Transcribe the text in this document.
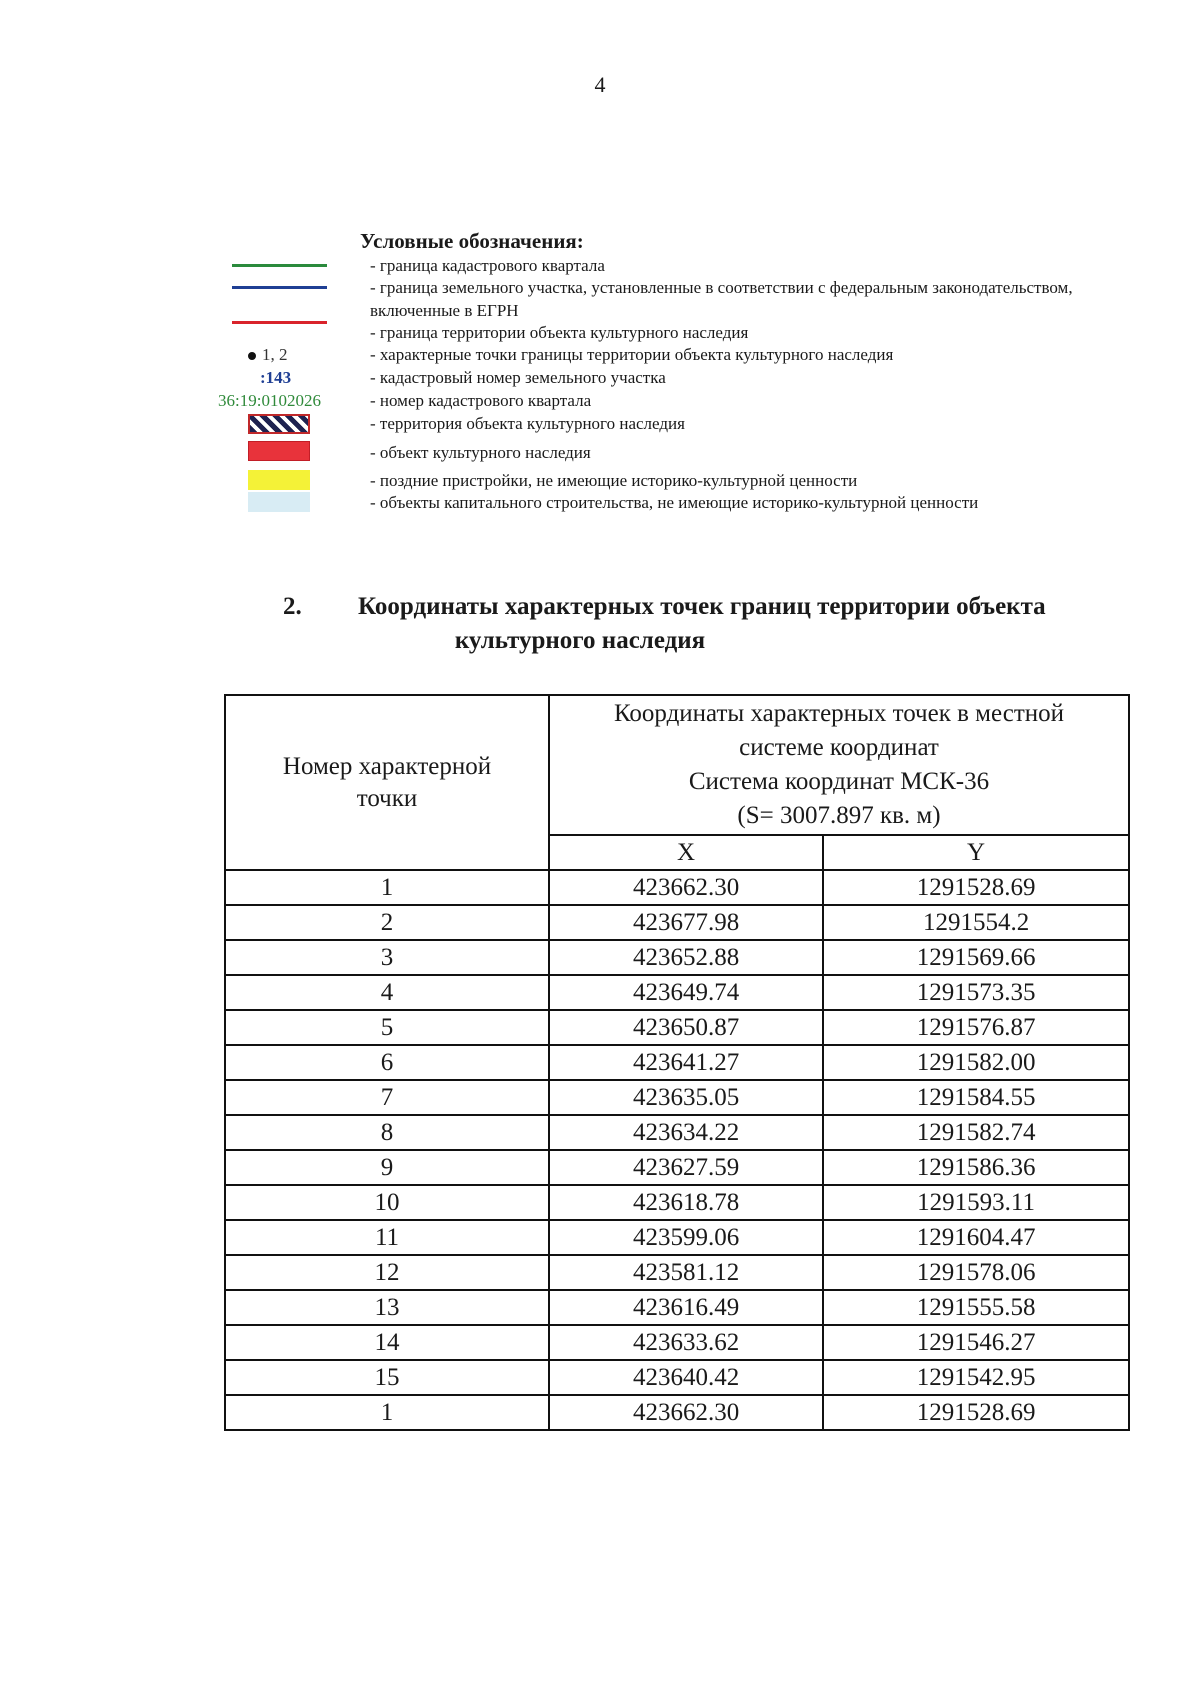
4
Условные обозначения:
- граница кадастрового квартала
- граница земельного участка, установленные в соответствии с федеральным законодательством, включенные в ЕГРН
- граница территории объекта культурного наследия
1, 2	- характерные точки границы территории объекта культурного наследия
:143	- кадастровый номер земельного участка
36:19:0102026	- номер кадастрового квартала
- территория объекта культурного наследия
- объект культурного наследия
- поздние пристройки, не имеющие историко-культурной ценности
- объекты капитального строительства, не имеющие историко-культурной ценности
2. Координаты характерных точек границ территории объекта
культурного наследия
Номер характерной точки	Координаты характерных точек в местной
системе координат
Система координат МСК-36
(S= 3007.897 кв. м)	

	X	Y
1	423662.30	1291528.69
2	423677.98	1291554.2
3	423652.88	1291569.66
4	423649.74	1291573.35
5	423650.87	1291576.87
6	423641.27	1291582.00
7	423635.05	1291584.55
8	423634.22	1291582.74
9	423627.59	1291586.36
10	423618.78	1291593.11
11	423599.06	1291604.47
12	423581.12	1291578.06
13	423616.49	1291555.58
14	423633.62	1291546.27
15	423640.42	1291542.95
1	423662.30	1291528.69
